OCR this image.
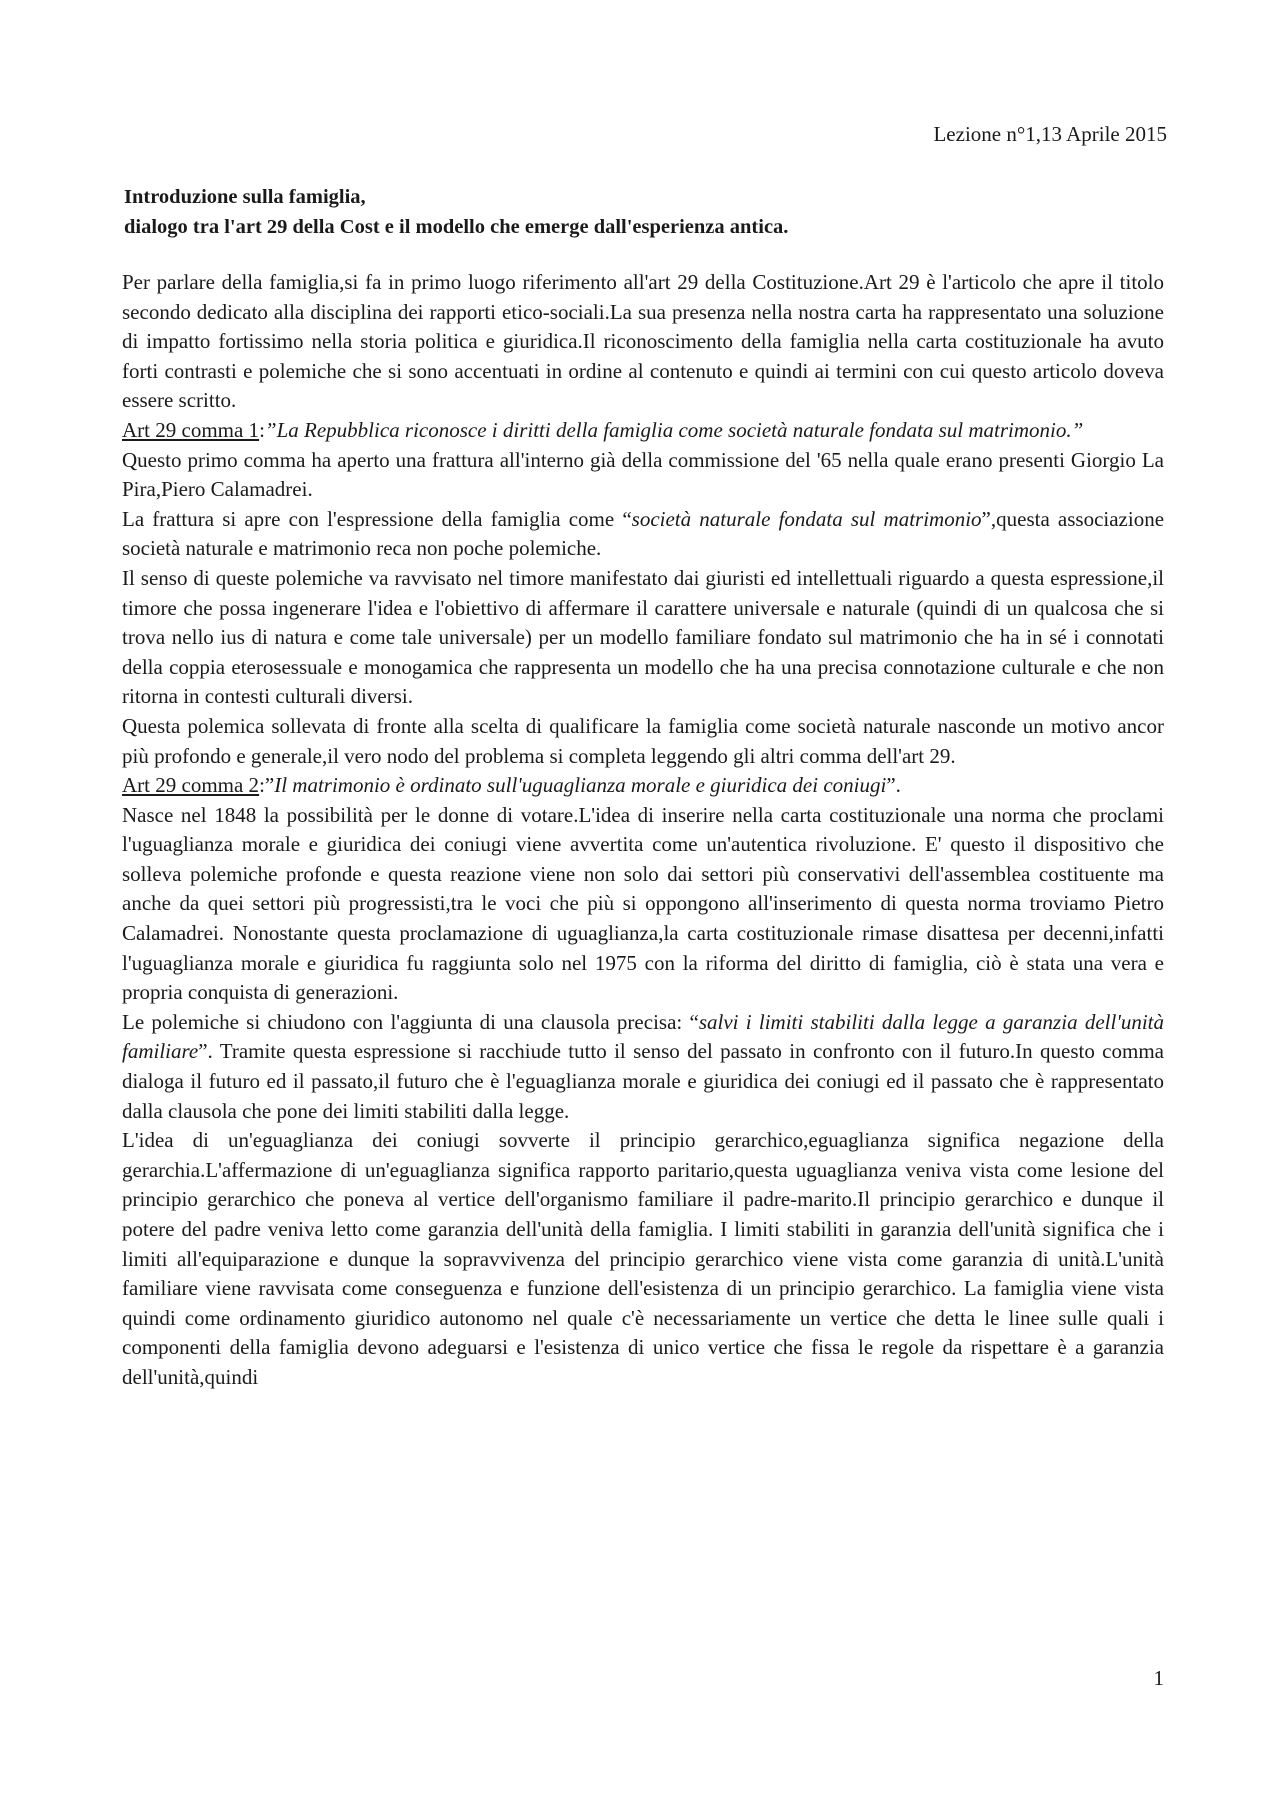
Lezione n°1,13 Aprile 2015
Introduzione sulla famiglia,
dialogo tra l'art 29 della Cost e il modello che emerge dall'esperienza antica.

Per parlare della famiglia,si fa in primo luogo riferimento all'art 29 della Costituzione.Art 29 è l'articolo che apre il titolo secondo dedicato alla disciplina dei rapporti etico-sociali.La sua presenza nella nostra carta ha rappresentato una soluzione di impatto fortissimo nella storia politica e giuridica.Il riconoscimento della famiglia nella carta costituzionale ha avuto forti contrasti e polemiche che si sono accentuati in ordine al contenuto e quindi ai termini con cui questo articolo doveva essere scritto.

Art 29 comma 1:”La Repubblica riconosce i diritti della famiglia come società naturale fondata sul matrimonio.”

Questo primo comma ha aperto una frattura all'interno già della commissione del '65 nella quale erano presenti Giorgio La Pira,Piero Calamadrei.

La frattura si apre con l'espressione della famiglia come “società naturale fondata sul matrimonio”,questa associazione società naturale e matrimonio reca non poche polemiche.

Il senso di queste polemiche va ravvisato nel timore manifestato dai giuristi ed intellettuali riguardo a questa espressione,il timore che possa ingenerare l'idea e l'obiettivo di affermare il carattere universale e naturale (quindi di un qualcosa che si trova nello ius di natura e come tale universale) per un modello familiare fondato sul matrimonio che ha in sé i connotati della coppia eterosessuale e monogamica che rappresenta un modello che ha una precisa connotazione culturale e che non ritorna in contesti culturali diversi.

Questa polemica sollevata di fronte alla scelta di qualificare la famiglia come società naturale nasconde un motivo ancor più profondo e generale,il vero nodo del problema si completa leggendo gli altri comma dell'art 29.

Art 29 comma 2:”Il matrimonio è ordinato sull'uguaglianza morale e giuridica dei coniugi”.

Nasce nel 1848 la possibilità per le donne di votare.L'idea di inserire nella carta costituzionale una norma che proclami l'uguaglianza morale e giuridica dei coniugi viene avvertita come un'autentica rivoluzione. E' questo il dispositivo che solleva polemiche profonde e questa reazione viene non solo dai settori più conservativi dell'assemblea costituente ma anche da quei settori più progressisti,tra le voci che più si oppongono all'inserimento di questa norma troviamo Pietro Calamadrei. Nonostante questa proclamazione di uguaglianza,la carta costituzionale rimase disattesa per decenni,infatti l'uguaglianza morale e giuridica fu raggiunta solo nel 1975 con la riforma del diritto di famiglia, ciò è stata una vera e propria conquista di generazioni.

Le polemiche si chiudono con l'aggiunta di una clausola precisa: “salvi i limiti stabiliti dalla legge a garanzia dell'unità familiare”. Tramite questa espressione si racchiude tutto il senso del passato in confronto con il futuro.In questo comma dialoga il futuro ed il passato,il futuro che è l'eguaglianza morale e giuridica dei coniugi ed il passato che è rappresentato dalla clausola che pone dei limiti stabiliti dalla legge.

L'idea di un'eguaglianza dei coniugi sovverte il principio gerarchico,eguaglianza significa negazione della gerarchia.L'affermazione di un'eguaglianza significa rapporto paritario,questa uguaglianza veniva vista come lesione del principio gerarchico che poneva al vertice dell'organismo familiare il padre-marito.Il principio gerarchico e dunque il potere del padre veniva letto come garanzia dell'unità della famiglia. I limiti stabiliti in garanzia dell'unità significa che i limiti all'equiparazione e dunque la sopravvivenza del principio gerarchico viene vista come garanzia di unità.L'unità familiare viene ravvisata come conseguenza e funzione dell'esistenza di un principio gerarchico. La famiglia viene vista quindi come ordinamento giuridico autonomo nel quale c'è necessariamente un vertice che detta le linee sulle quali i componenti della famiglia devono adeguarsi e l'esistenza di unico vertice che fissa le regole da rispettare è a garanzia dell'unità,quindi

1
